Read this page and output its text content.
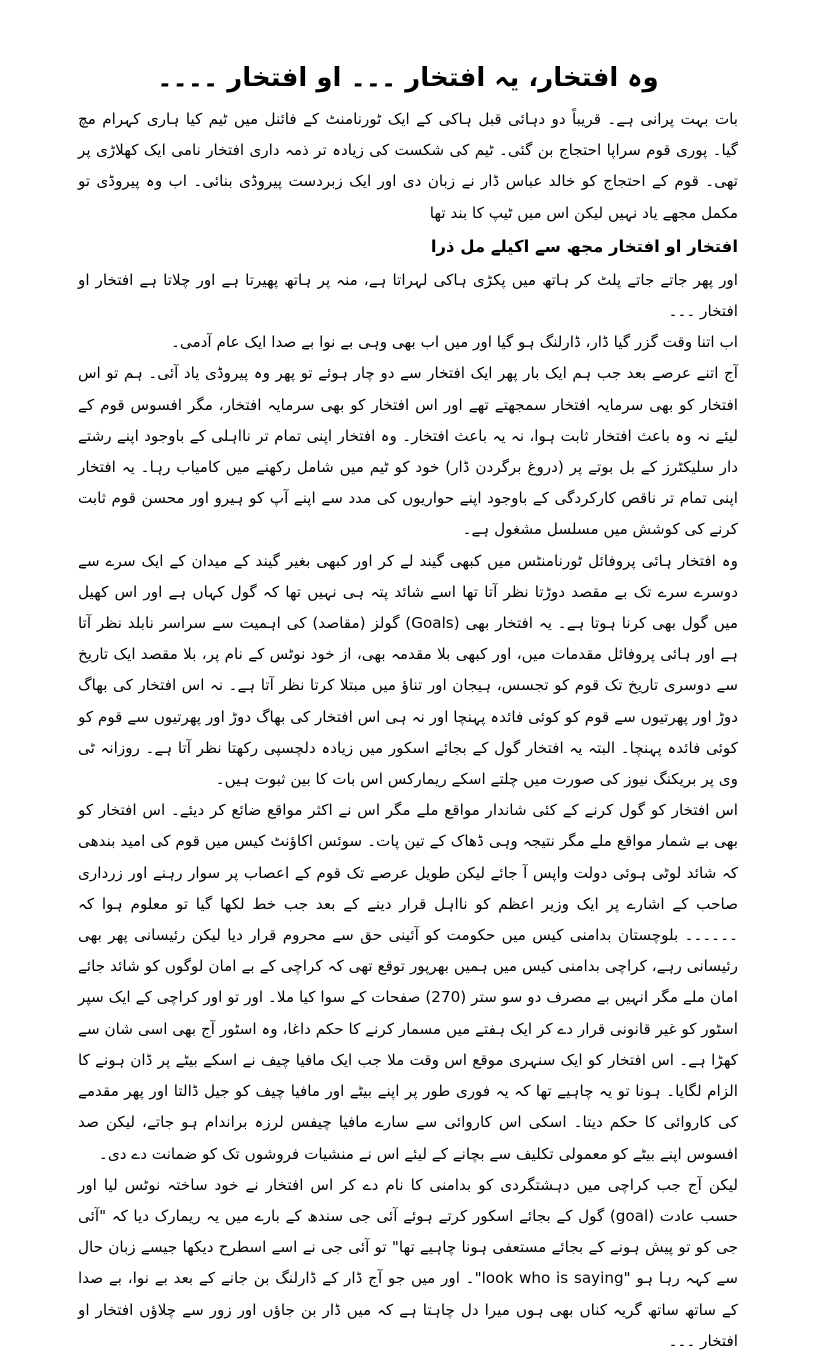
وہ افتخار، یہ افتخار ۔۔۔ او افتخار ۔۔۔۔

بات بہت پرانی ہے۔ قریباً دو دہائی قبل ہاکی کے ایک ٹورنامنٹ کے فائنل میں ٹیم کیا ہاری کہرام مچ گیا۔ پوری قوم سراپا احتجاج بن گئی۔ ٹیم کی شکست کی زیادہ تر ذمہ داری افتخار نامی ایک کھلاڑی پر تھی۔ قوم کے احتجاج کو خالد عباس ڈار نے زبان دی اور ایک زبردست پیروڈی بنائی۔ اب وہ پیروڈی تو مکمل مجھے یاد نہیں لیکن اس میں ٹیپ کا بند تھا

افتخار او افتخار مجھ سے اکیلے مل ذرا

اور پھر جاتے جاتے پلٹ کر ہاتھ میں پکڑی ہاکی لہراتا ہے، منہ پر ہاتھ پھیرتا ہے اور چلاتا ہے افتخار او افتخار ۔۔۔

اب اتنا وقت گزر گیا ڈار، ڈارلنگ ہو گیا اور میں اب بھی وہی بے نوا بے صدا ایک عام آدمی۔

آج اتنے عرصے بعد جب ہم ایک بار پھر ایک افتخار سے دو چار ہوئے تو پھر وہ پیروڈی یاد آئی۔ ہم تو اس افتخار کو بھی سرمایہ افتخار سمجھتے تھے اور اس افتخار کو بھی سرمایہ افتخار، مگر افسوس قوم کے لیئے نہ وہ باعث افتخار ثابت ہوا، نہ یہ باعث افتخار۔ وہ افتخار اپنی تمام تر نااہلی کے باوجود اپنے رشتے دار سلیکٹرز کے بل بوتے پر (دروغ برگردن ڈار) خود کو ٹیم میں شامل رکھنے میں کامیاب رہا۔ یہ افتخار اپنی تمام تر ناقص کارکردگی کے باوجود اپنے حواریوں کی مدد سے اپنے آپ کو ہیرو اور محسن قوم ثابت کرنے کی کوشش میں مسلسل مشغول ہے۔

وہ افتخار ہائی پروفائل ٹورنامنٹس میں کبھی گیند لے کر اور کبھی بغیر گیند کے میدان کے ایک سرے سے دوسرے سرے تک بے مقصد دوڑتا نظر آتا تھا اسے شائد پتہ ہی نہیں تھا کہ گول کہاں ہے اور اس کھیل میں گول بھی کرنا ہوتا ہے۔ یہ افتخار بھی (Goals) گولز (مقاصد) کی اہمیت سے سراسر نابلد نظر آتا ہے اور ہائی پروفائل مقدمات میں، اور کبھی بلا مقدمہ بھی، از خود نوٹس کے نام پر، بلا مقصد ایک تاریخ سے دوسری تاریخ تک قوم کو تجسس، ہیجان اور تناؤ میں مبتلا کرتا نظر آتا ہے۔ نہ اس افتخار کی بھاگ دوڑ اور پھرتیوں سے قوم کو کوئی فائدہ پہنچا اور نہ ہی اس افتخار کی بھاگ دوڑ اور پھرتیوں سے قوم کو کوئی فائدہ پہنچا۔ البتہ یہ افتخار گول کے بجائے اسکور میں زیادہ دلچسپی رکھتا نظر آتا ہے۔ روزانہ ٹی وی پر بریکنگ نیوز کی صورت میں چلتے اسکے ریمارکس اس بات کا بین ثبوت ہیں۔

اس افتخار کو گول کرنے کے کئی شاندار مواقع ملے مگر اس نے اکثر مواقع ضائع کر دیئے۔ اس افتخار کو بھی بے شمار مواقع ملے مگر نتیجہ وہی ڈھاک کے تین پات۔ سوئس اکاؤنٹ کیس میں قوم کی امید بندھی کہ شائد لوٹی ہوئی دولت واپس آ جائے لیکن طویل عرصے تک قوم کے اعصاب پر سوار رہنے اور زرداری صاحب کے اشارے پر ایک وزیر اعظم کو نااہل قرار دینے کے بعد جب خط لکھا گیا تو معلوم ہوا کہ ۔۔۔۔۔۔ بلوچستان بدامنی کیس میں حکومت کو آئینی حق سے محروم قرار دیا لیکن رئیسانی پھر بھی رئیسانی رہے، کراچی بدامنی کیس میں ہمیں بھرپور توقع تھی کہ کراچی کے بے امان لوگوں کو شائد جائے امان ملے مگر انہیں بے مصرف دو سو ستر (270) صفحات کے سوا کیا ملا۔ اور تو اور کراچی کے ایک سپر اسٹور کو غیر قانونی قرار دے کر ایک ہفتے میں مسمار کرنے کا حکم داغا، وہ اسٹور آج بھی اسی شان سے کھڑا ہے۔ اس افتخار کو ایک سنہری موقع اس وقت ملا جب ایک مافیا چیف نے اسکے بیٹے پر ڈان ہونے کا الزام لگایا۔ ہونا تو یہ چاہیے تھا کہ یہ فوری طور پر اپنے بیٹے اور مافیا چیف کو جیل ڈالتا اور پھر مقدمے کی کاروائی کا حکم دیتا۔ اسکی اس کاروائی سے سارے مافیا چیفس لرزہ براندام ہو جاتے، لیکن صد افسوس اپنے بیٹے کو معمولی تکلیف سے بچانے کے لیئے اس نے منشیات فروشوں تک کو ضمانت دے دی۔

لیکن آج جب کراچی میں دہشتگردی کو بدامنی کا نام دے کر اس افتخار نے خود ساختہ نوٹس لیا اور حسب عادت (goal) گول کے بجائے اسکور کرتے ہوئے آئی جی سندھ کے بارے میں یہ ریمارک دیا کہ "آئی جی کو تو پیش ہونے کے بجائے مستعفی ہونا چاہیے تھا" تو آئی جی نے اسے اسطرح دیکھا جیسے زبان حال سے کہہ رہا ہو "look who is saying"۔ اور میں جو آج ڈار کے ڈارلنگ بن جانے کے بعد بے نوا، بے صدا کے ساتھ ساتھ گریہ کناں بھی ہوں میرا دل چاہتا ہے کہ میں ڈار بن جاؤں اور زور سے چلاؤں افتخار او افتخار ۔۔۔
